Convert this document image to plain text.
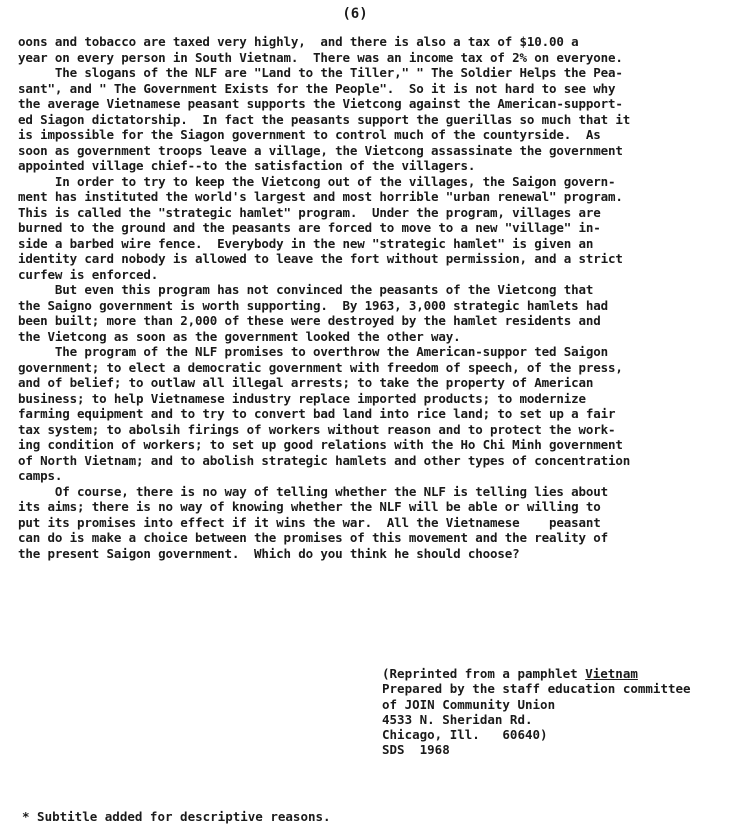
(6)
oons and tobacco are taxed very highly,  and there is also a tax of $10.00 a
year on every person in South Vietnam.  There was an income tax of 2% on everyone.
The slogans of the NLF are "Land to the Tiller," " The Soldier Helps the Pea-
sant", and " The Government Exists for the People".  So it is not hard to see why
the average Vietnamese peasant supports the Vietcong against the American-support-
ed Siagon dictatorship.  In fact the peasants support the guerillas so much that it
is impossible for the Siagon government to control much of the countyrside.  As
soon as government troops leave a village, the Vietcong assassinate the government
appointed village chief--to the satisfaction of the villagers.
In order to try to keep the Vietcong out of the villages, the Saigon govern-
ment has instituted the world's largest and most horrible "urban renewal" program.
This is called the "strategic hamlet" program.  Under the program, villages are
burned to the ground and the peasants are forced to move to a new "village" in-
side a barbed wire fence.  Everybody in the new "strategic hamlet" is given an
identity card nobody is allowed to leave the fort without permission, and a strict
curfew is enforced.
But even this program has not convinced the peasants of the Vietcong that
the Saigno government is worth supporting.  By 1963, 3,000 strategic hamlets had
been built; more than 2,000 of these were destroyed by the hamlet residents and
the Vietcong as soon as the government looked the other way.
The program of the NLF promises to overthrow the American-suppor ted Saigon
government; to elect a democratic government with freedom of speech, of the press,
and of belief; to outlaw all illegal arrests; to take the property of American
business; to help Vietnamese industry replace imported products; to modernize
farming equipment and to try to convert bad land into rice land; to set up a fair
tax system; to abolsih firings of workers without reason and to protect the work-
ing condition of workers; to set up good relations with the Ho Chi Minh government
of North Vietnam; and to abolish strategic hamlets and other types of concentration
camps.
Of course, there is no way of telling whether the NLF is telling lies about
its aims; there is no way of knowing whether the NLF will be able or willing to
put its promises into effect if it wins the war.  All the Vietnamese    peasant
can do is make a choice between the promises of this movement and the reality of
the present Saigon government.  Which do you think he should choose?
(Reprinted from a pamphlet Vietnam
Prepared by the staff education committee
of JOIN Community Union
4533 N. Sheridan Rd.
Chicago, Ill.   60640)
SDS  1968
* Subtitle added for descriptive reasons.
